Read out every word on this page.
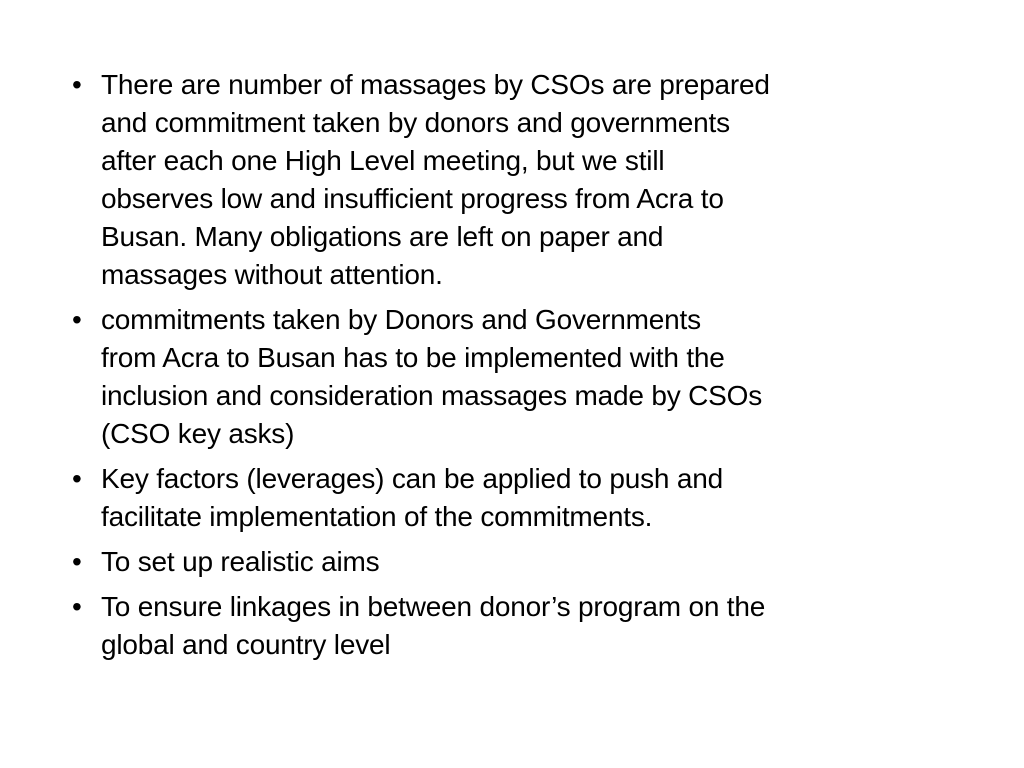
• There are number of massages by CSOs are prepared
and commitment taken by donors and governments
after each one High Level meeting, but we still
observes low and insufficient progress from Acra to
Busan. Many obligations are left on paper and
massages without attention.
• commitments taken by Donors and Governments
from Acra to Busan has to be implemented with the
inclusion and consideration massages made by CSOs
(CSO key asks)
• Key factors (leverages) can be applied to push and
facilitate implementation of the commitments.
• To set up realistic aims
• To ensure linkages in between donor’s program on the
global and country level
